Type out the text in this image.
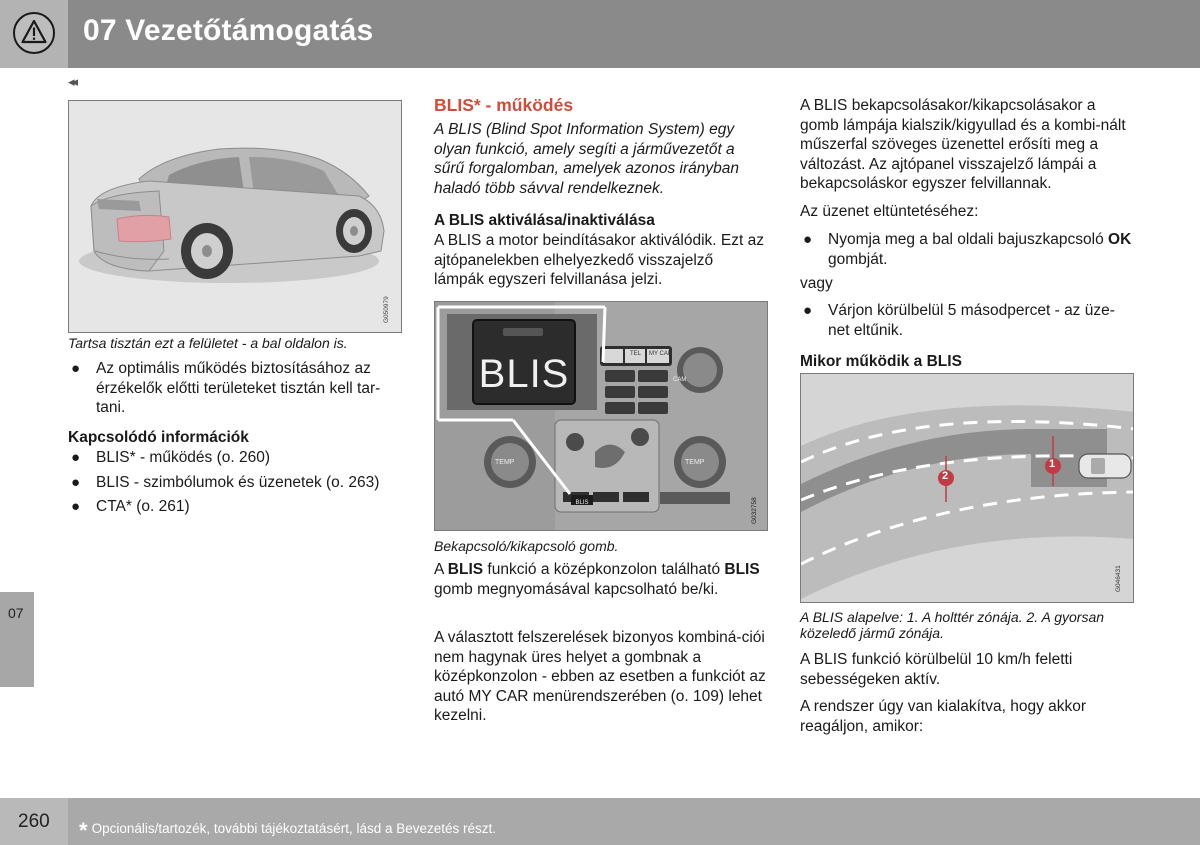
07 Vezetőtámogatás
◂◂
07
G050979
Tartsa tisztán ezt a felületet - a bal oldalon is.
● Az optimális működés biztosításához az érzékelők előtti területeket tisztán kell tar-tani.
Kapcsolódó információk
● BLIS* - működés (o. 260)
● BLIS - szimbólumok és üzenetek (o. 263)
● CTA* (o. 261)
BLIS* - működés
A BLIS (Blind Spot Information System) egy olyan funkció, amely segíti a járművezetőt a sűrű forgalomban, amelyek azonos irányban haladó több sávval rendelkeznek.
A BLIS aktiválása/inaktiválása

A BLIS a motor beindításakor aktiválódik. Ezt az ajtópanelekben elhelyezkedő visszajelző lámpák egyszeri felvillanása jelzi.

BLIS
BLIS
TEL MY CAR
CAM
TEMP	TEMP
G032758
Bekapcsoló/kikapcsoló gomb.

A BLIS funkció a középkonzolon található BLIS gomb megnyomásával kapcsolható be/ki.

A választott felszerelések bizonyos kombiná-ciói nem hagynak üres helyet a gombnak a középkonzolon - ebben az esetben a funkciót az autó MY CAR menürendszerében (o. 109) lehet kezelni.

A BLIS bekapcsolásakor/kikapcsolásakor a gomb lámpája kialszik/kigyullad és a kombi-nált műszerfal szöveges üzenettel erősíti meg a változást. Az ajtópanel visszajelző lámpái a bekapcsoláskor egyszer felvillannak.

Az üzenet eltüntetéséhez:

● Nyomja meg a bal oldali bajuszkapcsoló OK gombját.

vagy

● Várjon körülbelül 5 másodpercet - az üze-net eltűnik.
Mikor működik a BLIS
2
1
G046431
A BLIS alapelve: 1. A holttér zónája. 2. A gyorsan közeledő jármű zónája.

A BLIS funkció körülbelül 10 km/h feletti sebességeken aktív.

A rendszer úgy van kialakítva, hogy akkor reagáljon, amikor:

260 * Opcionális/tartozék, további tájékoztatásért, lásd a Bevezetés részt.
